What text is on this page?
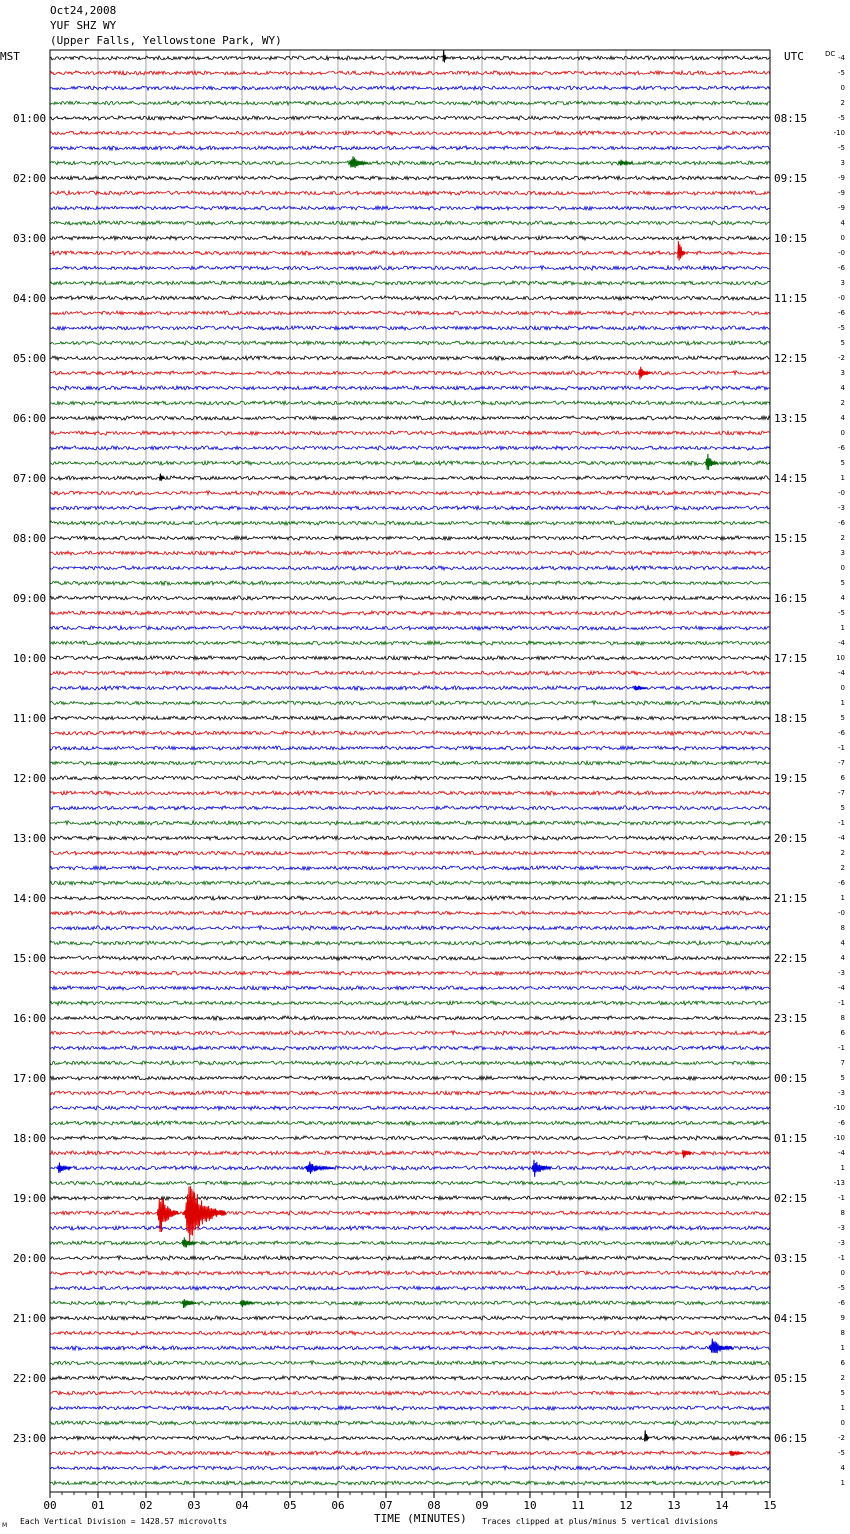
Oct24,2008
YUF SHZ WY
(Upper Falls, Yellowstone Park, WY)
00	01	02	03	04	05	06	07	08	09	10	11	12	13	14	15
01:00
02:00
03:00
04:00
05:00
06:00
07:00
08:00
09:00
10:00
11:00
12:00
13:00
14:00
15:00
16:00
17:00
18:00
19:00
20:00
21:00
22:00
23:00
08:15
09:15
10:15
11:15
12:15
13:15
14:15
15:15
16:15
17:15
18:15
19:15
20:15
21:15
22:15
23:15
00:15
01:15
02:15
03:15
04:15
05:15
06:15
-4
-5
0
2
-5
-10
-5
3
-9
-9
-9
4
0
-0
-6
3
-0
-6
-5
5
-2
3
4
2
4
0
-6
5
1
-0
-3
-6
2
3
0
5
4
-5
1
-4
10
-4
0
1
5
-6
-1
-7
6
-7
5
-1
-4
2
2
-6
1
-0
8
4
4
-3
-4
-1
8
6
-1
7
5
-3
-10
-6
-10
-4
1
-13
-1
8
-3
-3
-1
0
-5
-6
9
8
1
6
2
5
1
0
-2
-5
4
1
MST	UTC	DC
TIME (MINUTES)
M Each Vertical Division = 1428.57 microvolts	Traces clipped at plus/minus 5 vertical divisions
